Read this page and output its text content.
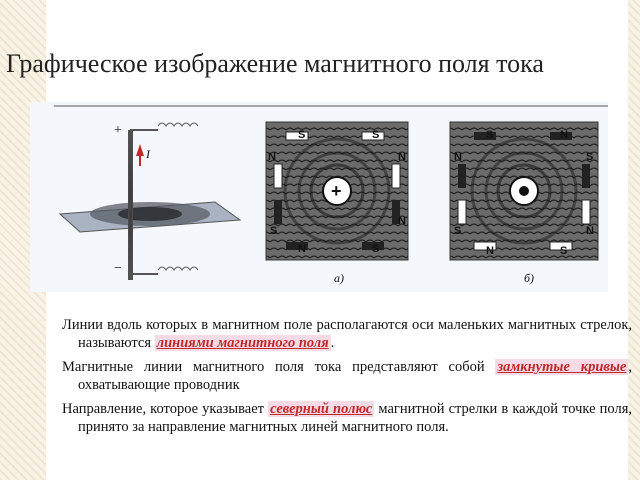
Графическое изображение магнитного поля тока
+
−
I
+
S	S
N	N
S
N
N	S
а)
S	N
N	S
S	N
N	S
б)

Линии вдоль которых в магнитном поле располагаются оси маленьких магнитных стрелок, называются линиями магнитного поля .

Магнитные линии магнитного поля тока представляют собой замкнутые кривые , охватывающие проводник

Направление, которое указывает северный полюс магнитной стрелки в каждой точке поля, принято за направление магнитных линей магнитного поля.
